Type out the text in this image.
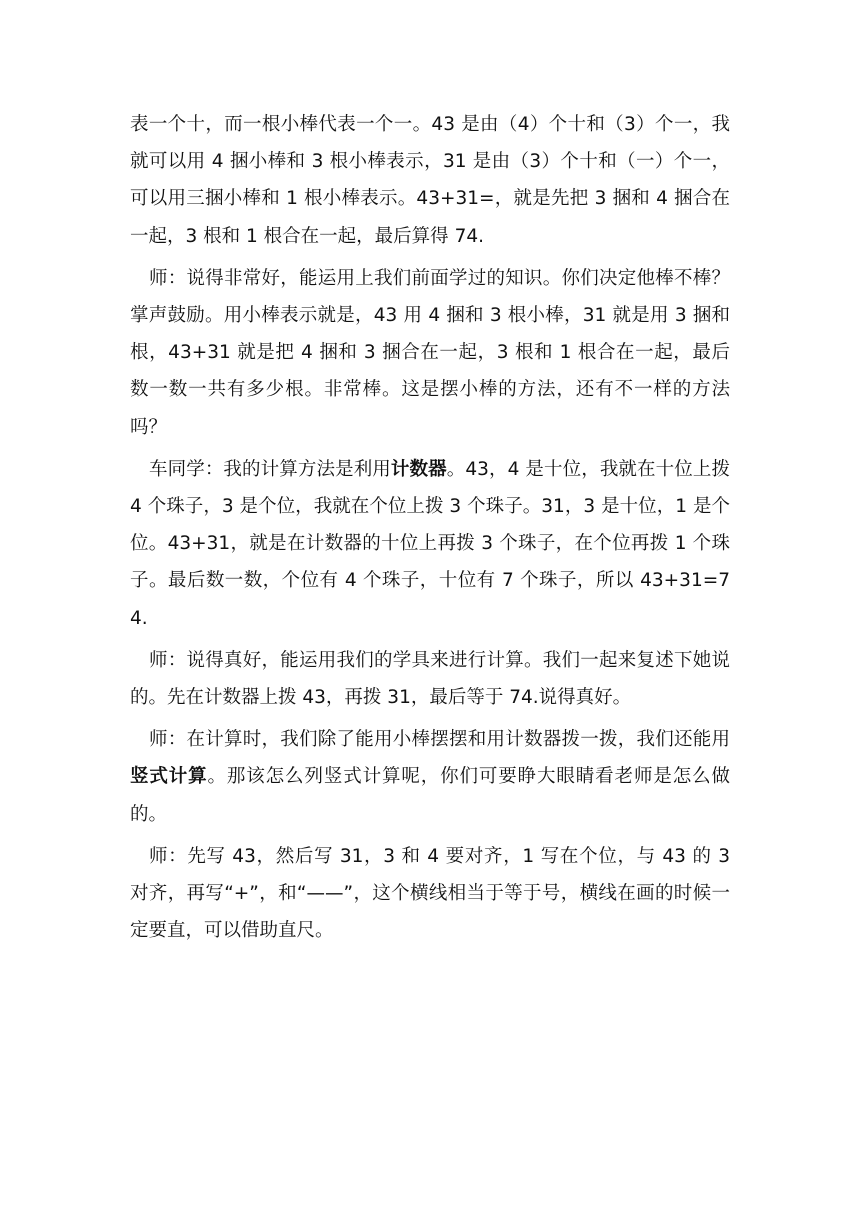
表一个十，而一根小棒代表一个一。43 是由（4）个十和（3）个一，我就可以用 4 捆小棒和 3 根小棒表示，31 是由（3）个十和（一）个一，可以用三捆小棒和 1 根小棒表示。43+31=，就是先把 3 捆和 4 捆合在一起，3 根和 1 根合在一起，最后算得 74.

师：说得非常好，能运用上我们前面学过的知识。你们决定他棒不棒？掌声鼓励。用小棒表示就是，43 用 4 捆和 3 根小棒，31 就是用 3 捆和根，43+31 就是把 4 捆和 3 捆合在一起，3 根和 1 根合在一起，最后数一数一共有多少根。非常棒。这是摆小棒的方法，还有不一样的方法吗？

车同学：我的计算方法是利用计数器。43，4 是十位，我就在十位上拨 4 个珠子，3 是个位，我就在个位上拨 3 个珠子。31，3 是十位，1 是个位。43+31，就是在计数器的十位上再拨 3 个珠子，在个位再拨 1 个珠子。最后数一数，个位有 4 个珠子，十位有 7 个珠子，所以 43+31=74.

师：说得真好，能运用我们的学具来进行计算。我们一起来复述下她说的。先在计数器上拨 43，再拨 31，最后等于 74.说得真好。

师：在计算时，我们除了能用小棒摆摆和用计数器拨一拨，我们还能用竖式计算。那该怎么列竖式计算呢，你们可要睁大眼睛看老师是怎么做的。

师：先写 43，然后写 31，3 和 4 要对齐，1 写在个位，与 43 的 3 对齐，再写“+”，和“——”，这个横线相当于等于号，横线在画的时候一定要直，可以借助直尺。
